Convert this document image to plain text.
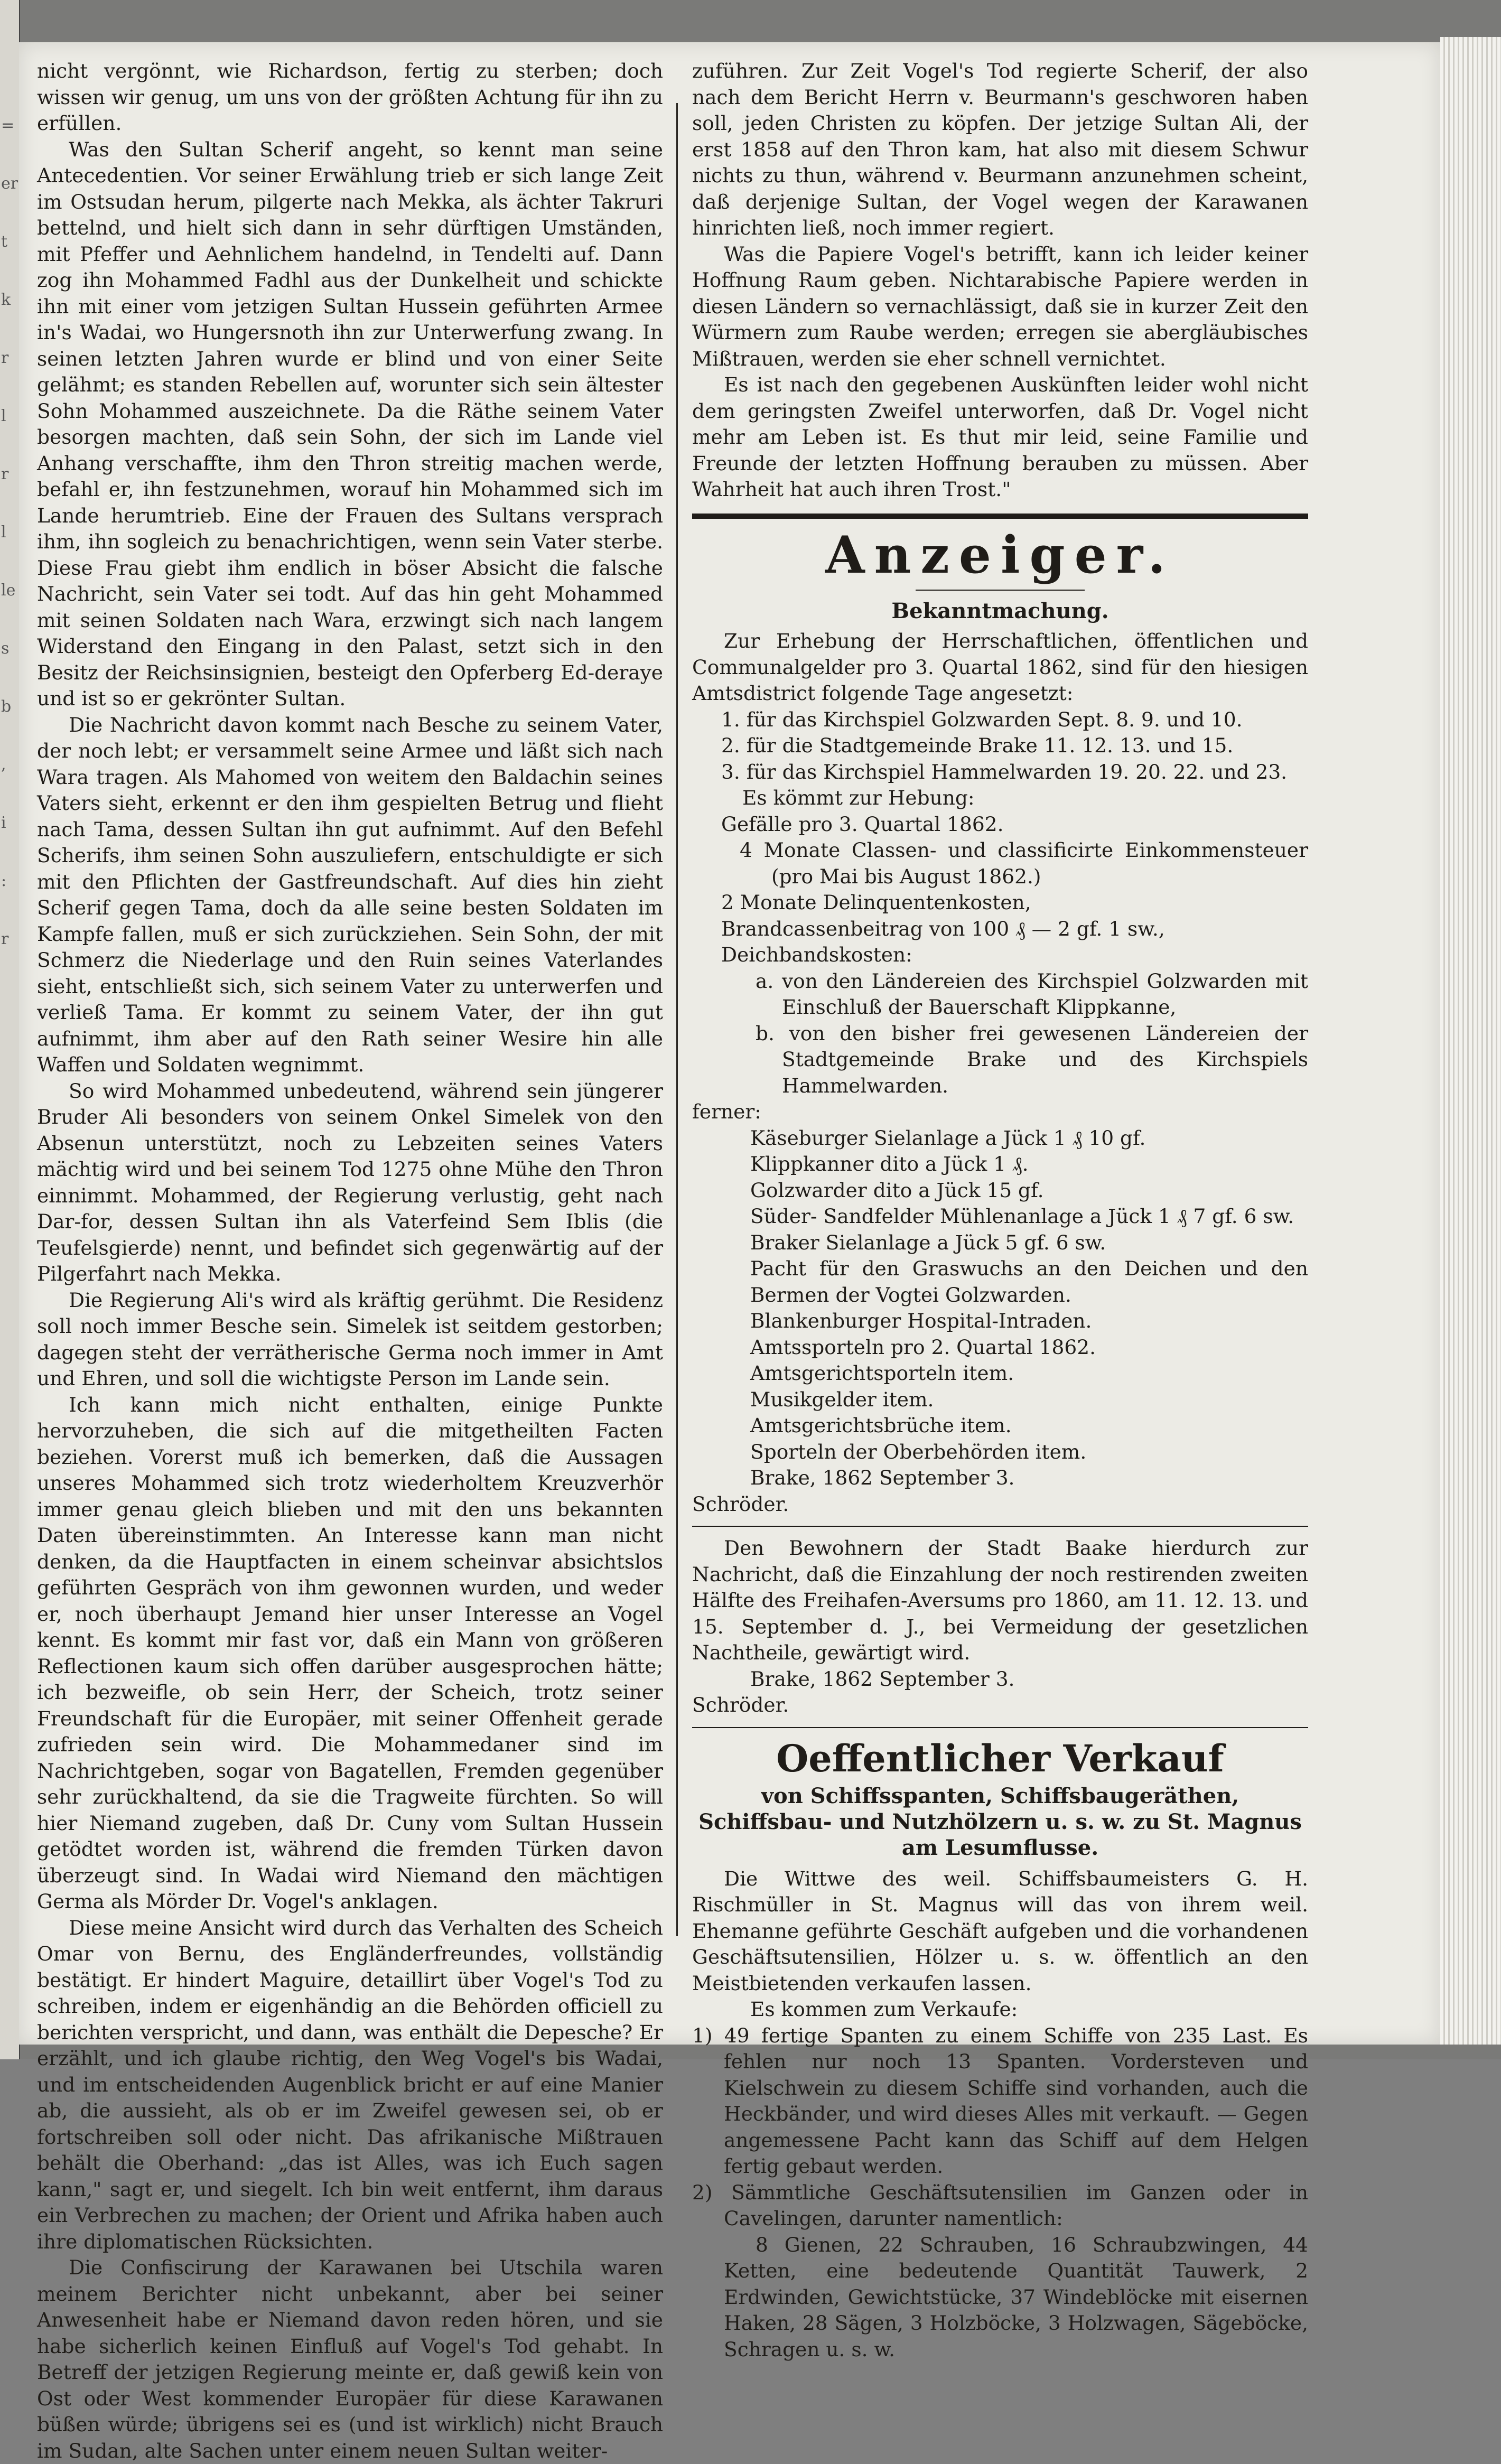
=
er
t
k
r
l
r
l
le
s
b
,
i
:
r

nicht vergönnt, wie Richardson, fertig zu sterben; doch wissen wir genug, um uns von der größten Achtung für ihn zu erfüllen.

Was den Sultan Scherif angeht, so kennt man seine Antecedentien. Vor seiner Erwählung trieb er sich lange Zeit im Ostsudan herum, pilgerte nach Mekka, als ächter Takruri bettelnd, und hielt sich dann in sehr dürftigen Umständen, mit Pfeffer und Aehnlichem handelnd, in Tendelti auf. Dann zog ihn Mohammed Fadhl aus der Dunkelheit und schickte ihn mit einer vom jetzigen Sultan Hussein geführten Armee in's Wadai, wo Hungersnoth ihn zur Unterwerfung zwang. In seinen letzten Jahren wurde er blind und von einer Seite gelähmt; es standen Rebellen auf, worunter sich sein ältester Sohn Mohammed auszeichnete. Da die Räthe seinem Vater besorgen machten, daß sein Sohn, der sich im Lande viel Anhang verschaffte, ihm den Thron streitig machen werde, befahl er, ihn festzunehmen, worauf hin Mohammed sich im Lande herumtrieb. Eine der Frauen des Sultans versprach ihm, ihn sogleich zu benachrichtigen, wenn sein Vater sterbe. Diese Frau giebt ihm endlich in böser Absicht die falsche Nachricht, sein Vater sei todt. Auf das hin geht Mohammed mit seinen Soldaten nach Wara, erzwingt sich nach langem Widerstand den Eingang in den Palast, setzt sich in den Besitz der Reichsinsignien, besteigt den Opferberg Ed-deraye und ist so er gekrönter Sultan.

Die Nachricht davon kommt nach Besche zu seinem Vater, der noch lebt; er versammelt seine Armee und läßt sich nach Wara tragen. Als Mahomed von weitem den Baldachin seines Vaters sieht, erkennt er den ihm gespielten Betrug und flieht nach Tama, dessen Sultan ihn gut aufnimmt. Auf den Befehl Scherifs, ihm seinen Sohn auszuliefern, entschuldigte er sich mit den Pflichten der Gastfreundschaft. Auf dies hin zieht Scherif gegen Tama, doch da alle seine besten Soldaten im Kampfe fallen, muß er sich zurückziehen. Sein Sohn, der mit Schmerz die Niederlage und den Ruin seines Vaterlandes sieht, entschließt sich, sich seinem Vater zu unterwerfen und verließ Tama. Er kommt zu seinem Vater, der ihn gut aufnimmt, ihm aber auf den Rath seiner Wesire hin alle Waffen und Soldaten wegnimmt.

So wird Mohammed unbedeutend, während sein jüngerer Bruder Ali besonders von seinem Onkel Simelek von den Absenun unterstützt, noch zu Lebzeiten seines Vaters mächtig wird und bei seinem Tod 1275 ohne Mühe den Thron einnimmt. Mohammed, der Regierung verlustig, geht nach Dar-for, dessen Sultan ihn als Vaterfeind Sem Iblis (die Teufelsgierde) nennt, und befindet sich gegenwärtig auf der Pilgerfahrt nach Mekka.

Die Regierung Ali's wird als kräftig gerühmt. Die Residenz soll noch immer Besche sein. Simelek ist seitdem gestorben; dagegen steht der verrätherische Germa noch immer in Amt und Ehren, und soll die wichtigste Person im Lande sein.

Ich kann mich nicht enthalten, einige Punkte hervorzuheben, die sich auf die mitgetheilten Facten beziehen. Vorerst muß ich bemerken, daß die Aussagen unseres Mohammed sich trotz wiederholtem Kreuzverhör immer genau gleich blieben und mit den uns bekannten Daten übereinstimmten. An Interesse kann man nicht denken, da die Hauptfacten in einem scheinvar absichtslos geführten Gespräch von ihm gewonnen wurden, und weder er, noch überhaupt Jemand hier unser Interesse an Vogel kennt. Es kommt mir fast vor, daß ein Mann von größeren Reflectionen kaum sich offen darüber ausgesprochen hätte; ich bezweifle, ob sein Herr, der Scheich, trotz seiner Freundschaft für die Europäer, mit seiner Offenheit gerade zufrieden sein wird. Die Mohammedaner sind im Nachrichtgeben, sogar von Bagatellen, Fremden gegenüber sehr zurückhaltend, da sie die Tragweite fürchten. So will hier Niemand zugeben, daß Dr. Cuny vom Sultan Hussein getödtet worden ist, während die fremden Türken davon überzeugt sind. In Wadai wird Niemand den mächtigen Germa als Mörder Dr. Vogel's anklagen.

Diese meine Ansicht wird durch das Verhalten des Scheich Omar von Bernu, des Engländerfreundes, vollständig bestätigt. Er hindert Maguire, detaillirt über Vogel's Tod zu schreiben, indem er eigenhändig an die Behörden officiell zu berichten verspricht, und dann, was enthält die Depesche? Er erzählt, und ich glaube richtig, den Weg Vogel's bis Wadai, und im entscheidenden Augenblick bricht er auf eine Manier ab, die aussieht, als ob er im Zweifel gewesen sei, ob er fortschreiben soll oder nicht. Das afrikanische Mißtrauen behält die Oberhand: „das ist Alles, was ich Euch sagen kann," sagt er, und siegelt. Ich bin weit entfernt, ihm daraus ein Verbrechen zu machen; der Orient und Afrika haben auch ihre diplomatischen Rücksichten.

Die Confiscirung der Karawanen bei Utschila waren meinem Berichter nicht unbekannt, aber bei seiner Anwesenheit habe er Niemand davon reden hören, und sie habe sicherlich keinen Einfluß auf Vogel's Tod gehabt. In Betreff der jetzigen Regierung meinte er, daß gewiß kein von Ost oder West kommender Europäer für diese Karawanen büßen würde; übrigens sei es (und ist wirklich) nicht Brauch im Sudan, alte Sachen unter einem neuen Sultan weiter-

zuführen. Zur Zeit Vogel's Tod regierte Scherif, der also nach dem Bericht Herrn v. Beurmann's geschworen haben soll, jeden Christen zu köpfen. Der jetzige Sultan Ali, der erst 1858 auf den Thron kam, hat also mit diesem Schwur nichts zu thun, während v. Beurmann anzunehmen scheint, daß derjenige Sultan, der Vogel wegen der Karawanen hinrichten ließ, noch immer regiert.

Was die Papiere Vogel's betrifft, kann ich leider keiner Hoffnung Raum geben. Nichtarabische Papiere werden in diesen Ländern so vernachlässigt, daß sie in kurzer Zeit den Würmern zum Raube werden; erregen sie abergläubisches Mißtrauen, werden sie eher schnell vernichtet.

Es ist nach den gegebenen Auskünften leider wohl nicht dem geringsten Zweifel unterworfen, daß Dr. Vogel nicht mehr am Leben ist. Es thut mir leid, seine Familie und Freunde der letzten Hoffnung berauben zu müssen. Aber Wahrheit hat auch ihren Trost."

Anzeiger.
Bekanntmachung.

Zur Erhebung der Herrschaftlichen, öffentlichen und Communalgelder pro 3. Quartal 1862, sind für den hiesigen Amtsdistrict folgende Tage angesetzt:

1. für das Kirchspiel Golzwarden Sept. 8. 9. und 10.

2. für die Stadtgemeinde Brake 11. 12. 13. und 15.

3. für das Kirchspiel Hammelwarden 19. 20. 22. und 23.

Es kömmt zur Hebung:

Gefälle pro 3. Quartal 1862.

4 Monate Classen- und classificirte Einkommensteuer (pro Mai bis August 1862.)

2 Monate Delinquentenkosten,

Brandcassenbeitrag von 100 ₰ — 2 gf. 1 sw.,

Deichbandskosten:

a. von den Ländereien des Kirchspiel Golzwarden mit Einschluß der Bauerschaft Klippkanne,

b. von den bisher frei gewesenen Ländereien der Stadtgemeinde Brake und des Kirchspiels Hammelwarden.

ferner:

Käseburger Sielanlage a Jück 1 ₰ 10 gf.

Klippkanner dito a Jück 1 ₰.

Golzwarder dito a Jück 15 gf.

Süder- Sandfelder Mühlenanlage a Jück 1 ₰ 7 gf. 6 sw.

Braker Sielanlage a Jück 5 gf. 6 sw.

Pacht für den Graswuchs an den Deichen und den Bermen der Vogtei Golzwarden.

Blankenburger Hospital-Intraden.

Amtssporteln pro 2. Quartal 1862.

Amtsgerichtsporteln item.

Musikgelder item.

Amtsgerichtsbrüche item.

Sporteln der Oberbehörden item.

Brake, 1862 September 3.

Schröder.

Den Bewohnern der Stadt Baake hierdurch zur Nachricht, daß die Einzahlung der noch restirenden zweiten Hälfte des Freihafen-Aversums pro 1860, am 11. 12. 13. und 15. September d. J., bei Vermeidung der gesetzlichen Nachtheile, gewärtigt wird.

Brake, 1862 September 3.

Schröder.

Oeffentlicher Verkauf
von Schiffsspanten, Schiffsbaugeräthen, Schiffsbau- und Nutzhölzern u. s. w. zu St. Magnus am Lesumflusse.

Die Wittwe des weil. Schiffsbaumeisters G. H. Rischmüller in St. Magnus will das von ihrem weil. Ehemanne geführte Geschäft aufgeben und die vorhandenen Geschäftsutensilien, Hölzer u. s. w. öffentlich an den Meistbietenden verkaufen lassen.

Es kommen zum Verkaufe:

1) 49 fertige Spanten zu einem Schiffe von 235 Last. Es fehlen nur noch 13 Spanten. Vordersteven und Kielschwein zu diesem Schiffe sind vorhanden, auch die Heckbänder, und wird dieses Alles mit verkauft. — Gegen angemessene Pacht kann das Schiff auf dem Helgen fertig gebaut werden.

2) Sämmtliche Geschäftsutensilien im Ganzen oder in Cavelingen, darunter namentlich:

8 Gienen, 22 Schrauben, 16 Schraubzwingen, 44 Ketten, eine bedeutende Quantität Tauwerk, 2 Erdwinden, Gewichtstücke, 37 Windeblöcke mit eisernen Haken, 28 Sägen, 3 Holzböcke, 3 Holzwagen, Sägeböcke, Schragen u. s. w.
